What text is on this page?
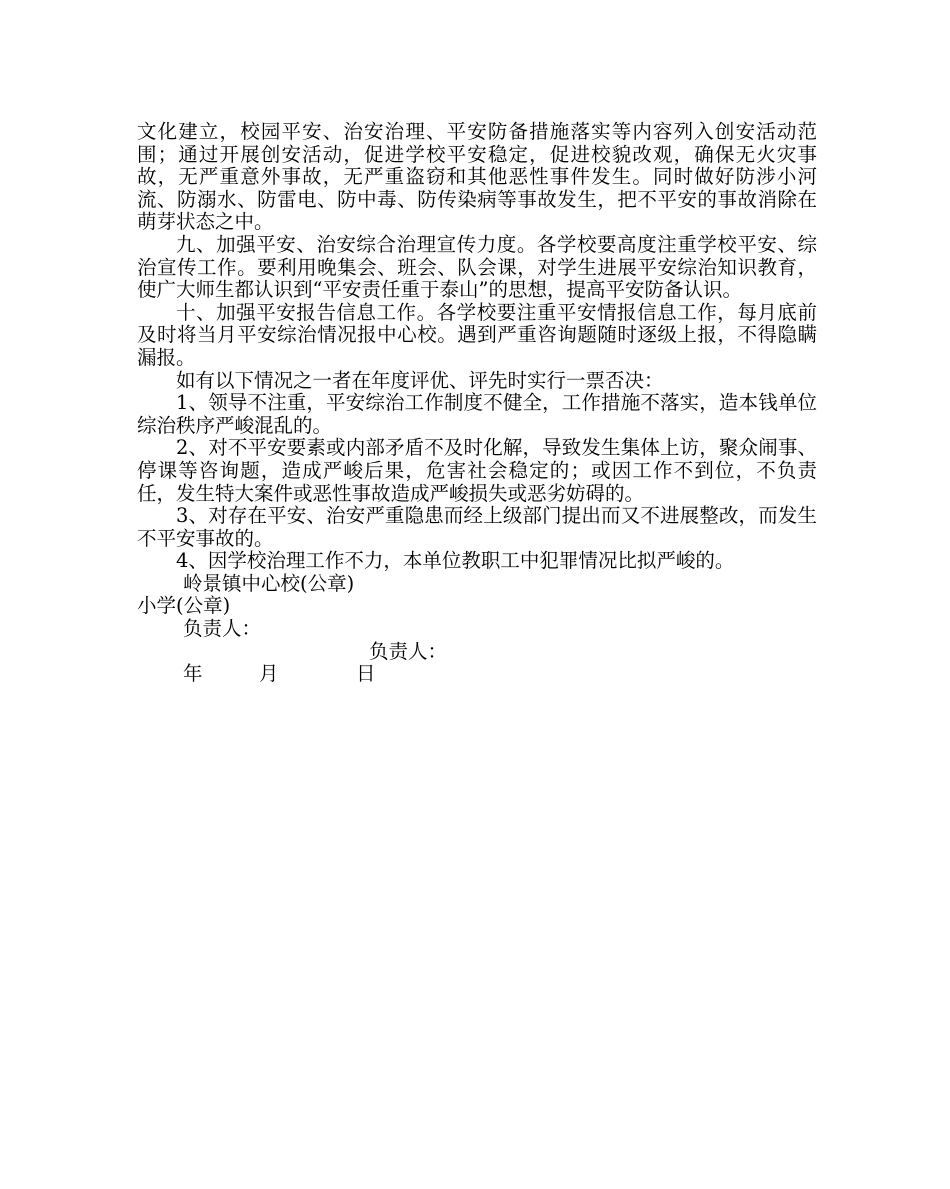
文化建立，校园平安、治安治理、平安防备措施落实等内容列入创安活动范围；通过开展创安活动，促进学校平安稳定，促进校貌改观，确保无火灾事故，无严重意外事故，无严重盗窃和其他恶性事件发生。同时做好防涉小河流、防溺水、防雷电、防中毒、防传染病等事故发生，把不平安的事故消除在萌芽状态之中。

九、加强平安、治安综合治理宣传力度。各学校要高度注重学校平安、综治宣传工作。要利用晚集会、班会、队会课，对学生进展平安综治知识教育，使广大师生都认识到“平安责任重于泰山”的思想，提高平安防备认识。

十、加强平安报告信息工作。各学校要注重平安情报信息工作，每月底前及时将当月平安综治情况报中心校。遇到严重咨询题随时逐级上报，不得隐瞒漏报。

如有以下情况之一者在年度评优、评先时实行一票否决：

1、领导不注重，平安综治工作制度不健全，工作措施不落实，造本钱单位综治秩序严峻混乱的。

2、对不平安要素或内部矛盾不及时化解，导致发生集体上访，聚众闹事、停课等咨询题，造成严峻后果，危害社会稳定的；或因工作不到位，不负责任，发生特大案件或恶性事故造成严峻损失或恶劣妨碍的。

3、对存在平安、治安严重隐患而经上级部门提出而又不进展整改，而发生不平安事故的。

4、因学校治理工作不力，本单位教职工中犯罪情况比拟严峻的。

岭景镇中心校(公章)

小学(公章)

负责人：

负责人：

年	月	日
